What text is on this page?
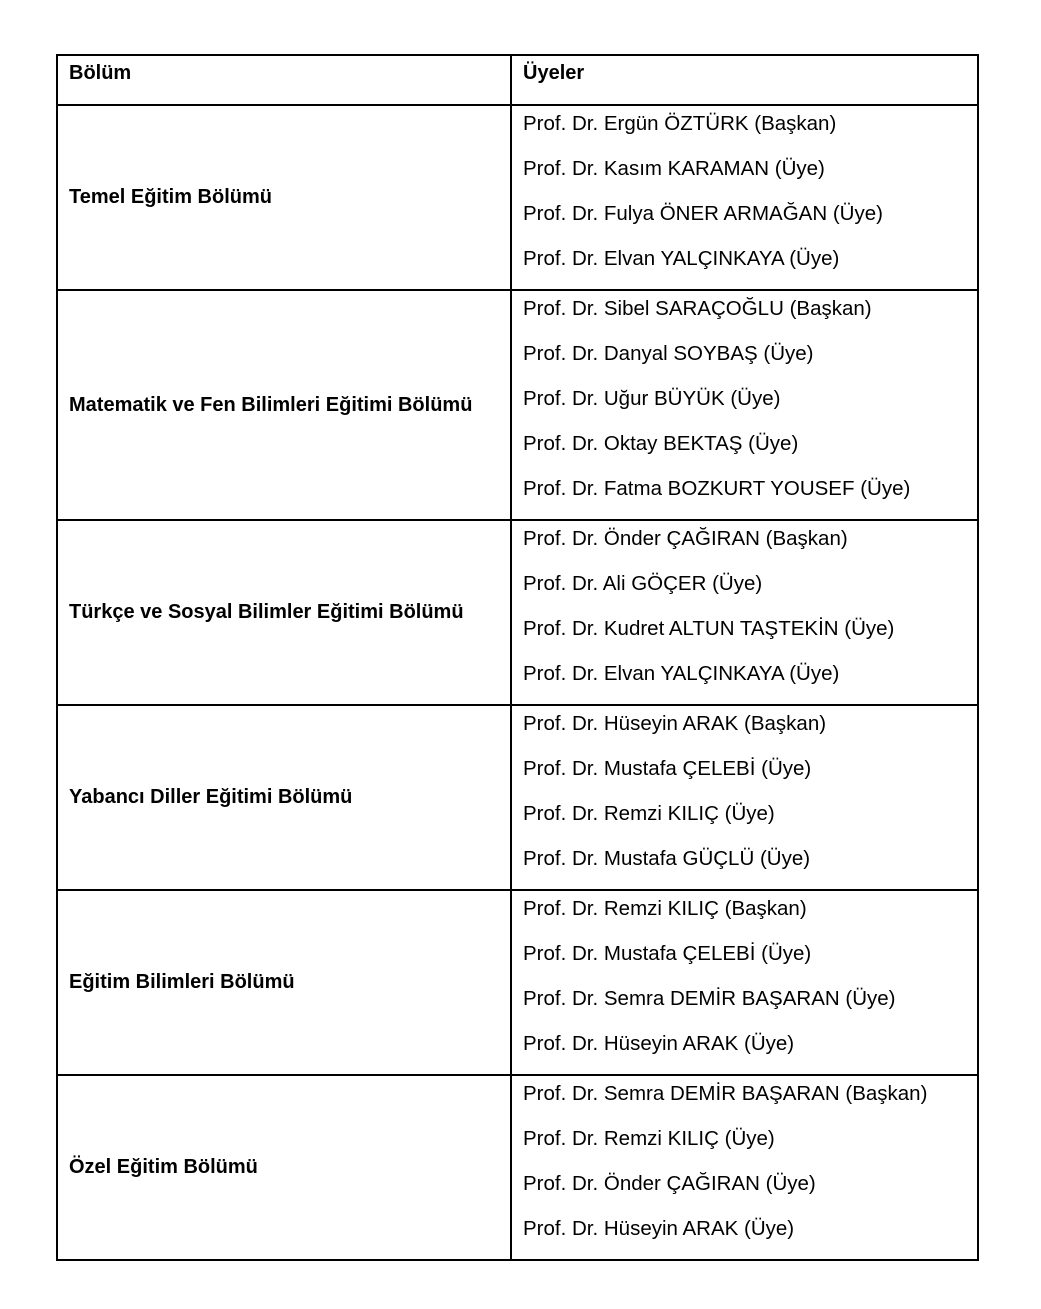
Bölüm	Üyeler
Temel Eğitim Bölümü	Prof. Dr. Ergün ÖZTÜRK (Başkan)
Prof. Dr. Kasım KARAMAN (Üye)
Prof. Dr. Fulya ÖNER ARMAĞAN (Üye)
Prof. Dr. Elvan YALÇINKAYA (Üye)

Matematik ve Fen Bilimleri Eğitimi Bölümü	Prof. Dr. Sibel SARAÇOĞLU (Başkan)
Prof. Dr. Danyal SOYBAŞ (Üye)
Prof. Dr. Uğur BÜYÜK (Üye)
Prof. Dr. Oktay BEKTAŞ (Üye)
Prof. Dr. Fatma BOZKURT YOUSEF (Üye)

Türkçe ve Sosyal Bilimler Eğitimi Bölümü	Prof. Dr. Önder ÇAĞIRAN (Başkan)
Prof. Dr. Ali GÖÇER (Üye)
Prof. Dr. Kudret ALTUN TAŞTEKİN (Üye)
Prof. Dr. Elvan YALÇINKAYA (Üye)

Yabancı Diller Eğitimi Bölümü	Prof. Dr. Hüseyin ARAK (Başkan)
Prof. Dr. Mustafa ÇELEBİ (Üye)
Prof. Dr. Remzi KILIÇ (Üye)
Prof. Dr. Mustafa GÜÇLÜ (Üye)

Eğitim Bilimleri Bölümü	Prof. Dr. Remzi KILIÇ (Başkan)
Prof. Dr. Mustafa ÇELEBİ (Üye)
Prof. Dr. Semra DEMİR BAŞARAN (Üye)
Prof. Dr. Hüseyin ARAK (Üye)

Özel Eğitim Bölümü	Prof. Dr. Semra DEMİR BAŞARAN (Başkan)
Prof. Dr. Remzi KILIÇ (Üye)
Prof. Dr. Önder ÇAĞIRAN (Üye)
Prof. Dr. Hüseyin ARAK (Üye)
